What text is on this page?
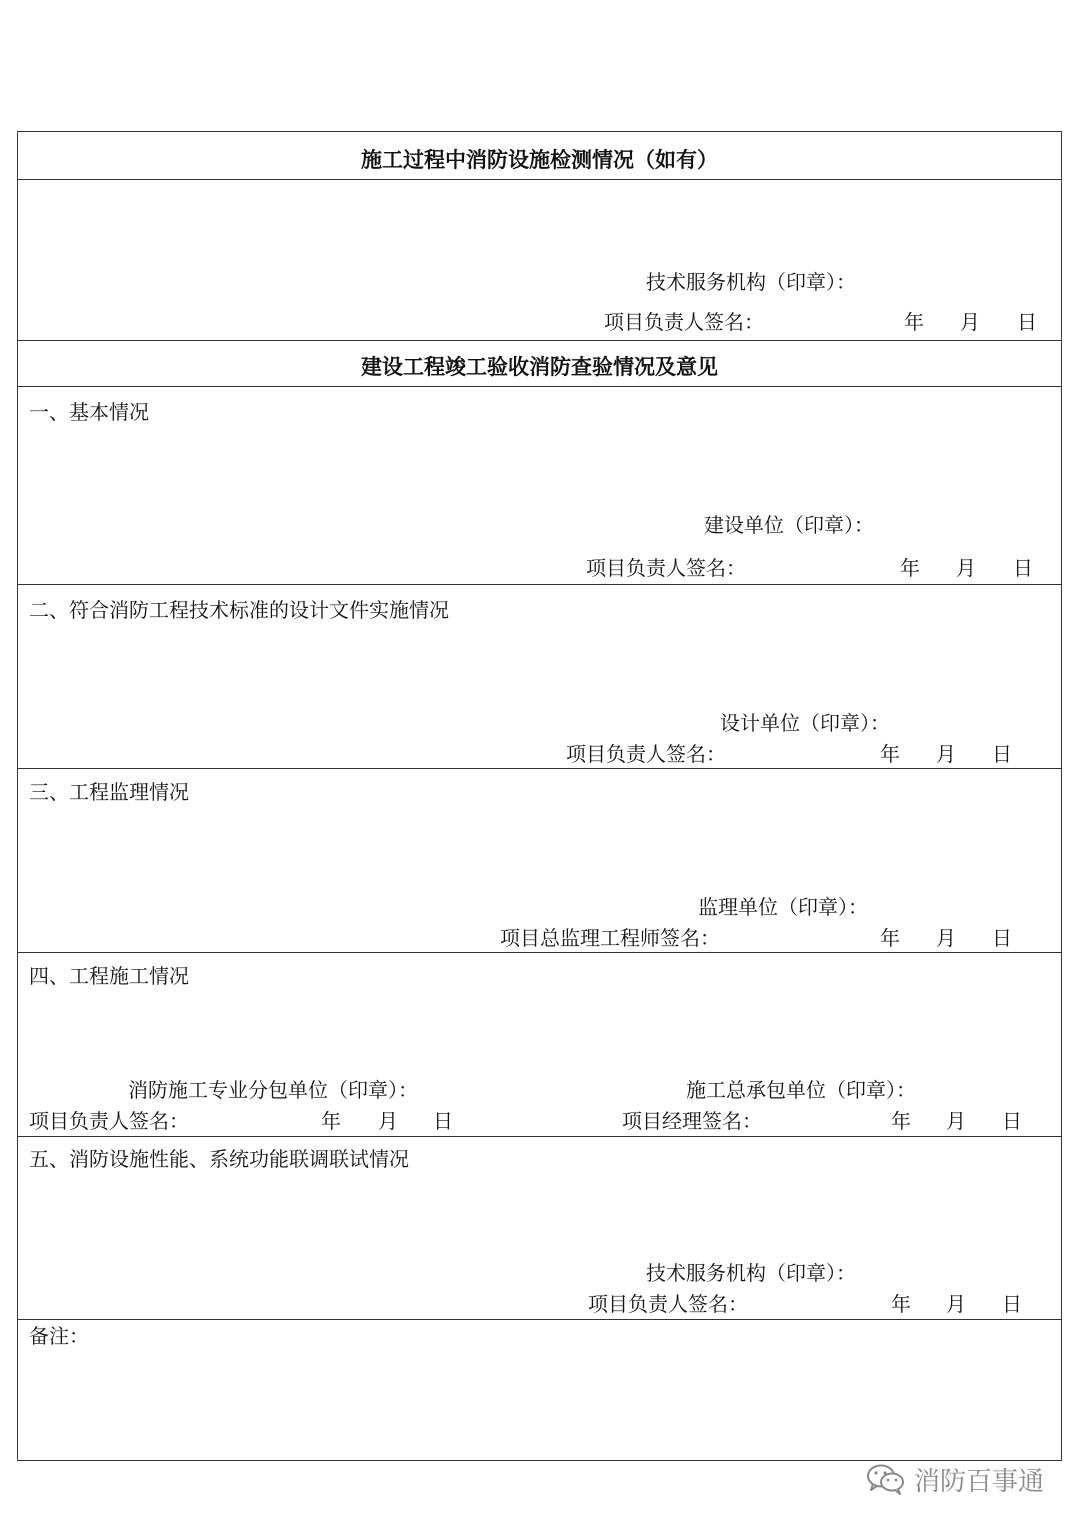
施工过程中消防设施检测情况（如有）
技术服务机构（印章）：
项目负责人签名：	年 月 日
建设工程竣工验收消防查验情况及意见
一、基本情况
建设单位（印章）：
项目负责人签名：	年 月 日
二、符合消防工程技术标准的设计文件实施情况
设计单位（印章）：
项目负责人签名：	年 月 日
三、工程监理情况
监理单位（印章）：
项目总监理工程师签名：	年 月 日
四、工程施工情况
消防施工专业分包单位（印章）：
项目负责人签名：	年 月 日
施工总承包单位（印章）：
项目经理签名：	年 月 日
五、消防设施性能、系统功能联调联试情况
技术服务机构（印章）：
项目负责人签名：	年 月 日
备注：
消防百事通
